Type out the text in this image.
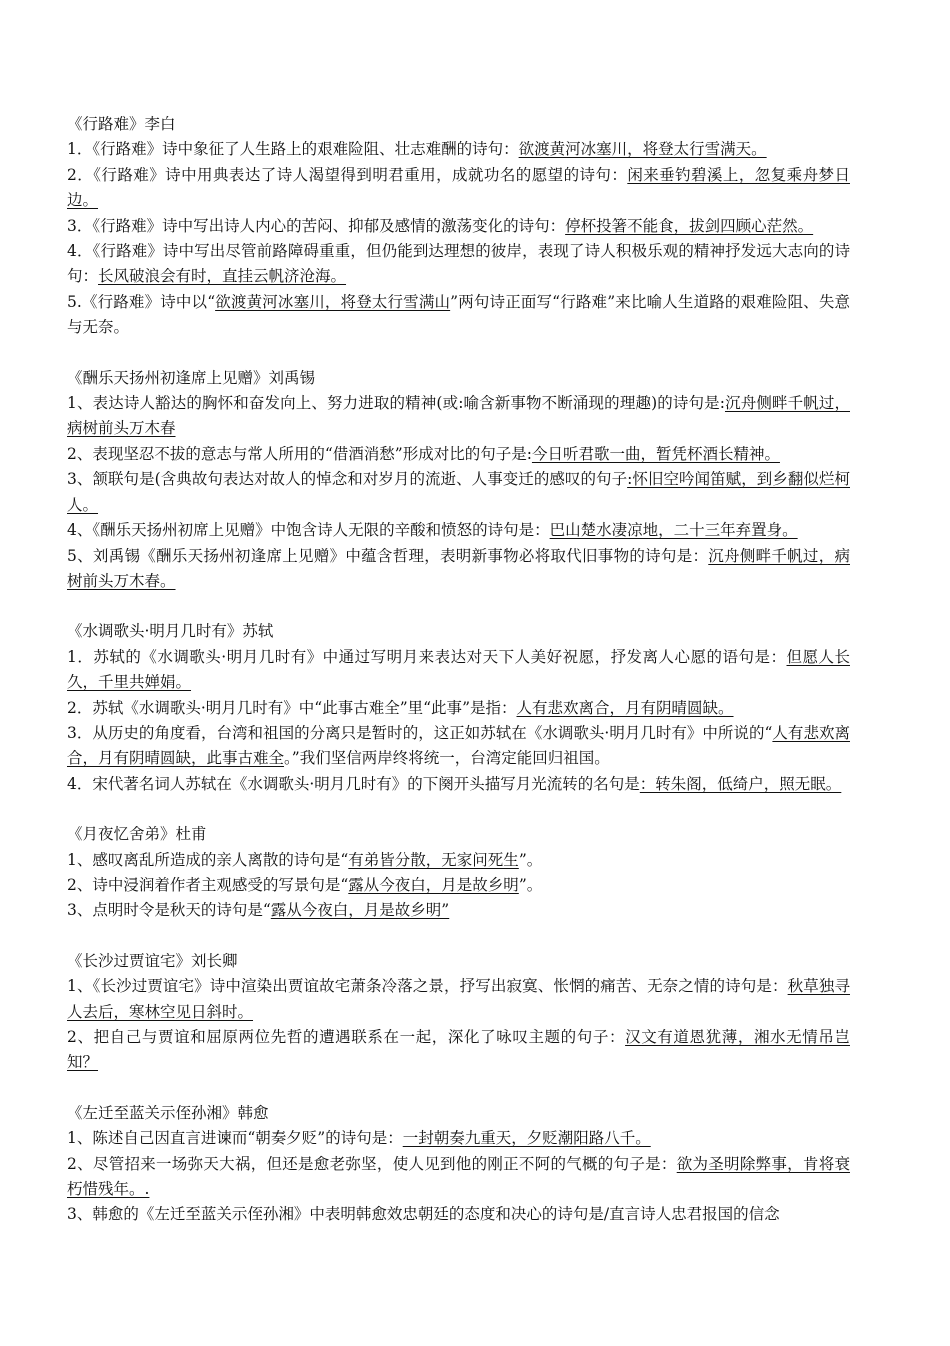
《行路难》李白

1．《行路难》诗中象征了人生路上的艰难险阻、壮志难酬的诗句：欲渡黄河冰塞川，将登太行雪满天。

2．《行路难》诗中用典表达了诗人渴望得到明君重用，成就功名的愿望的诗句：闲来垂钓碧溪上，忽复乘舟梦日边。

3．《行路难》诗中写出诗人内心的苦闷、抑郁及感情的激荡变化的诗句：停杯投箸不能食，拔剑四顾心茫然。

4．《行路难》诗中写出尽管前路障碍重重，但仍能到达理想的彼岸，表现了诗人积极乐观的精神抒发远大志向的诗句：长风破浪会有时，直挂云帆济沧海。

5.《行路难》诗中以“欲渡黄河冰塞川，将登太行雪满山”两句诗正面写“行路难”来比喻人生道路的艰难险阻、失意与无奈。

《酬乐天扬州初逢席上见赠》刘禹锡

1、表达诗人豁达的胸怀和奋发向上、努力进取的精神(或:喻含新事物不断涌现的理趣)的诗句是:沉舟侧畔千帆过，病树前头万木春

2、表现坚忍不拔的意志与常人所用的“借酒消愁”形成对比的句子是:今日听君歌一曲，暂凭杯酒长精神。

3、颔联句是(含典故句表达对故人的悼念和对岁月的流逝、人事变迁的感叹的句子:怀旧空吟闻笛赋，到乡翻似烂柯人。

4、《酬乐天扬州初席上见赠》中饱含诗人无限的辛酸和愤怒的诗句是：巴山楚水凄凉地，二十三年弃置身。

5、刘禹锡《酬乐天扬州初逢席上见赠》中蕴含哲理，表明新事物必将取代旧事物的诗句是：沉舟侧畔千帆过，病树前头万木春。

《水调歌头·明月几时有》苏轼

1．苏轼的《水调歌头·明月几时有》中通过写明月来表达对天下人美好祝愿，抒发离人心愿的语句是：但愿人长久，千里共婵娟。

2．苏轼《水调歌头·明月几时有》中“此事古难全”里“此事”是指：人有悲欢离合，月有阴晴圆缺。

3．从历史的角度看，台湾和祖国的分离只是暂时的，这正如苏轼在《水调歌头·明月几时有》中所说的“人有悲欢离合，月有阴晴圆缺，此事古难全。”我们坚信两岸终将统一，台湾定能回归祖国。

4．宋代著名词人苏轼在《水调歌头·明月几时有》的下阕开头描写月光流转的名句是：转朱阁，低绮户，照无眠。

《月夜忆舍弟》杜甫

1、感叹离乱所造成的亲人离散的诗句是“有弟皆分散，无家问死生”。

2、诗中浸润着作者主观感受的写景句是“露从今夜白，月是故乡明”。

3、点明时令是秋天的诗句是“露从今夜白，月是故乡明”

《长沙过贾谊宅》刘长卿

1、《长沙过贾谊宅》诗中渲染出贾谊故宅萧条冷落之景，抒写出寂寞、怅惘的痛苦、无奈之情的诗句是：秋草独寻人去后，寒林空见日斜时。

2、把自己与贾谊和屈原两位先哲的遭遇联系在一起，深化了咏叹主题的句子：汉文有道恩犹薄，湘水无情吊岂知？

《左迁至蓝关示侄孙湘》韩愈

1、陈述自己因直言进谏而“朝奏夕贬”的诗句是：一封朝奏九重天，夕贬潮阳路八千。

2、尽管招来一场弥天大祸，但还是愈老弥坚，使人见到他的刚正不阿的气概的句子是：欲为圣明除弊事，肯将衰朽惜残年。.

3、韩愈的《左迁至蓝关示侄孙湘》中表明韩愈效忠朝廷的态度和决心的诗句是/直言诗人忠君报国的信念
